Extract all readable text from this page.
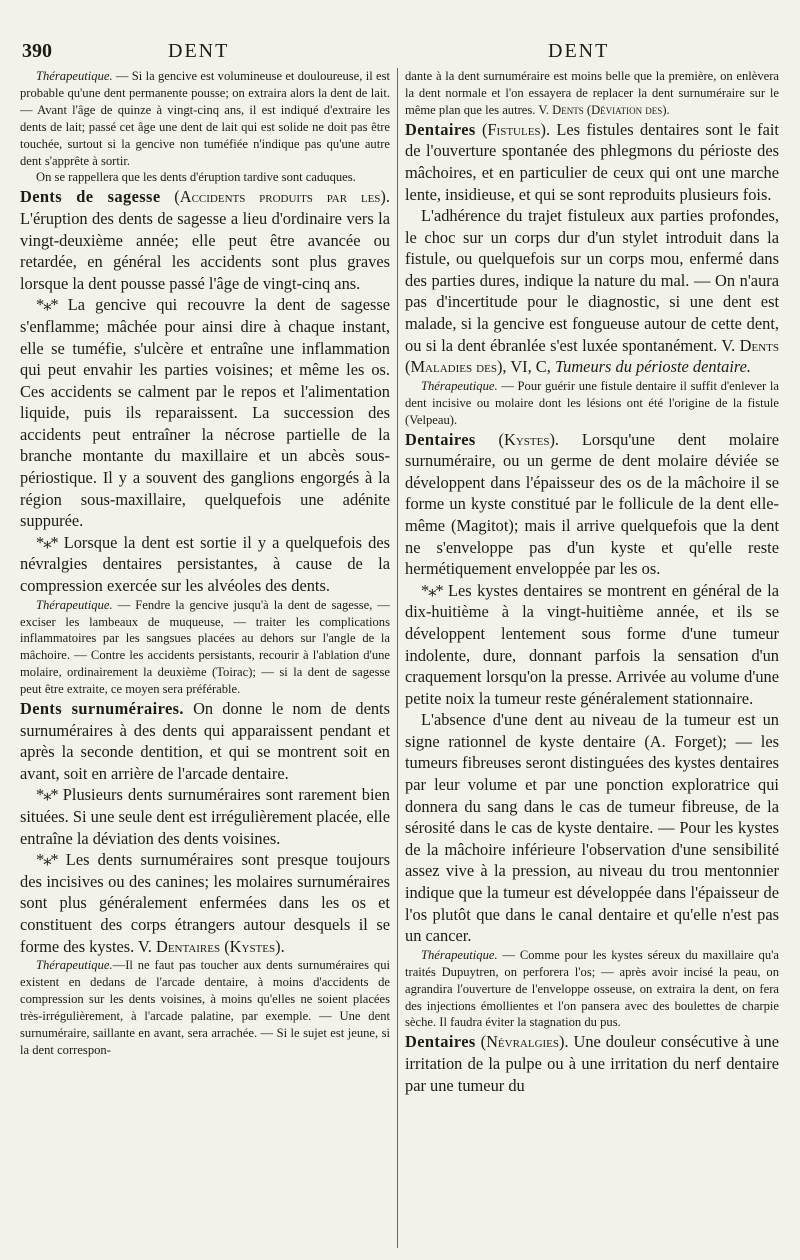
390	DENT	DENT

Thérapeutique. — Si la gencive est volumineuse et douloureuse, il est probable qu'une dent permanente pousse; on extraira alors la dent de lait. — Avant l'âge de quinze à vingt-cinq ans, il est indiqué d'extraire les dents de lait; passé cet âge une dent de lait qui est solide ne doit pas être touchée, surtout si la gencive non tuméfiée n'indique pas qu'une autre dent s'apprête à sortir.

On se rappellera que les dents d'éruption tardive sont caduques.

Dents de sagesse (Accidents produits par les). L'éruption des dents de sagesse a lieu d'ordinaire vers la vingt-deuxième année; elle peut être avancée ou retardée, en général les accidents sont plus graves lorsque la dent pousse passé l'âge de vingt-cinq ans.

*⁎* La gencive qui recouvre la dent de sagesse s'enflamme; mâchée pour ainsi dire à chaque instant, elle se tuméfie, s'ulcère et entraîne une inflammation qui peut envahir les parties voisines; et même les os. Ces accidents se calment par le repos et l'alimentation liquide, puis ils reparaissent. La succession des accidents peut entraîner la nécrose partielle de la branche montante du maxillaire et un abcès sous-périostique. Il y a souvent des ganglions engorgés à la région sous-maxillaire, quelquefois une adénite suppurée.

*⁎* Lorsque la dent est sortie il y a quelquefois des névralgies dentaires persistantes, à cause de la compression exercée sur les alvéoles des dents.

Thérapeutique. — Fendre la gencive jusqu'à la dent de sagesse, — exciser les lambeaux de muqueuse, — traiter les complications inflammatoires par les sangsues placées au dehors sur l'angle de la mâchoire. — Contre les accidents persistants, recourir à l'ablation d'une molaire, ordinairement la deuxième (Toirac); — si la dent de sagesse peut être extraite, ce moyen sera préférable.

Dents surnuméraires. On donne le nom de dents surnuméraires à des dents qui apparaissent pendant et après la seconde dentition, et qui se montrent soit en avant, soit en arrière de l'arcade dentaire.

*⁎* Plusieurs dents surnuméraires sont rarement bien situées. Si une seule dent est irrégulièrement placée, elle entraîne la déviation des dents voisines.

*⁎* Les dents surnuméraires sont presque toujours des incisives ou des canines; les molaires surnuméraires sont plus généralement enfermées dans les os et constituent des corps étrangers autour desquels il se forme des kystes. V. Dentaires (Kystes).

Thérapeutique.—Il ne faut pas toucher aux dents surnuméraires qui existent en dedans de l'arcade dentaire, à moins d'accidents de compression sur les dents voisines, à moins qu'elles ne soient placées très-irrégulièrement, à l'arcade palatine, par exemple. — Une dent surnuméraire, saillante en avant, sera arrachée. — Si le sujet est jeune, si la dent correspon-

dante à la dent surnuméraire est moins belle que la première, on enlèvera la dent normale et l'on essayera de replacer la dent surnuméraire sur le même plan que les autres. V. Dents (Déviation des).

Dentaires (Fistules). Les fistules dentaires sont le fait de l'ouverture spontanée des phlegmons du périoste des mâchoires, et en particulier de ceux qui ont une marche lente, insidieuse, et qui se sont reproduits plusieurs fois.

L'adhérence du trajet fistuleux aux parties profondes, le choc sur un corps dur d'un stylet introduit dans la fistule, ou quelquefois sur un corps mou, enfermé dans des parties dures, indique la nature du mal. — On n'aura pas d'incertitude pour le diagnostic, si une dent est malade, si la gencive est fongueuse autour de cette dent, ou si la dent ébranlée s'est luxée spontanément. V. Dents (Maladies des), VI, C, Tumeurs du périoste dentaire.

Thérapeutique. — Pour guérir une fistule dentaire il suffit d'enlever la dent incisive ou molaire dont les lésions ont été l'origine de la fistule (Velpeau).

Dentaires (Kystes). Lorsqu'une dent molaire surnuméraire, ou un germe de dent molaire déviée se développent dans l'épaisseur des os de la mâchoire il se forme un kyste constitué par le follicule de la dent elle-même (Magitot); mais il arrive quelquefois que la dent ne s'enveloppe pas d'un kyste et qu'elle reste hermétiquement enveloppée par les os.

*⁎* Les kystes dentaires se montrent en général de la dix-huitième à la vingt-huitième année, et ils se développent lentement sous forme d'une tumeur indolente, dure, donnant parfois la sensation d'un craquement lorsqu'on la presse. Arrivée au volume d'une petite noix la tumeur reste généralement stationnaire.

L'absence d'une dent au niveau de la tumeur est un signe rationnel de kyste dentaire (A. Forget); — les tumeurs fibreuses seront distinguées des kystes dentaires par leur volume et par une ponction exploratrice qui donnera du sang dans le cas de tumeur fibreuse, de la sérosité dans le cas de kyste dentaire. — Pour les kystes de la mâchoire inférieure l'observation d'une sensibilité assez vive à la pression, au niveau du trou mentonnier indique que la tumeur est développée dans l'épaisseur de l'os plutôt que dans le canal dentaire et qu'elle n'est pas un cancer.

Thérapeutique. — Comme pour les kystes séreux du maxillaire qu'a traités Dupuytren, on perforera l'os; — après avoir incisé la peau, on agrandira l'ouverture de l'enveloppe osseuse, on extraira la dent, on fera des injections émollientes et l'on pansera avec des boulettes de charpie sèche. Il faudra éviter la stagnation du pus.

Dentaires (Névralgies). Une douleur consécutive à une irritation de la pulpe ou à une irritation du nerf dentaire par une tumeur du
